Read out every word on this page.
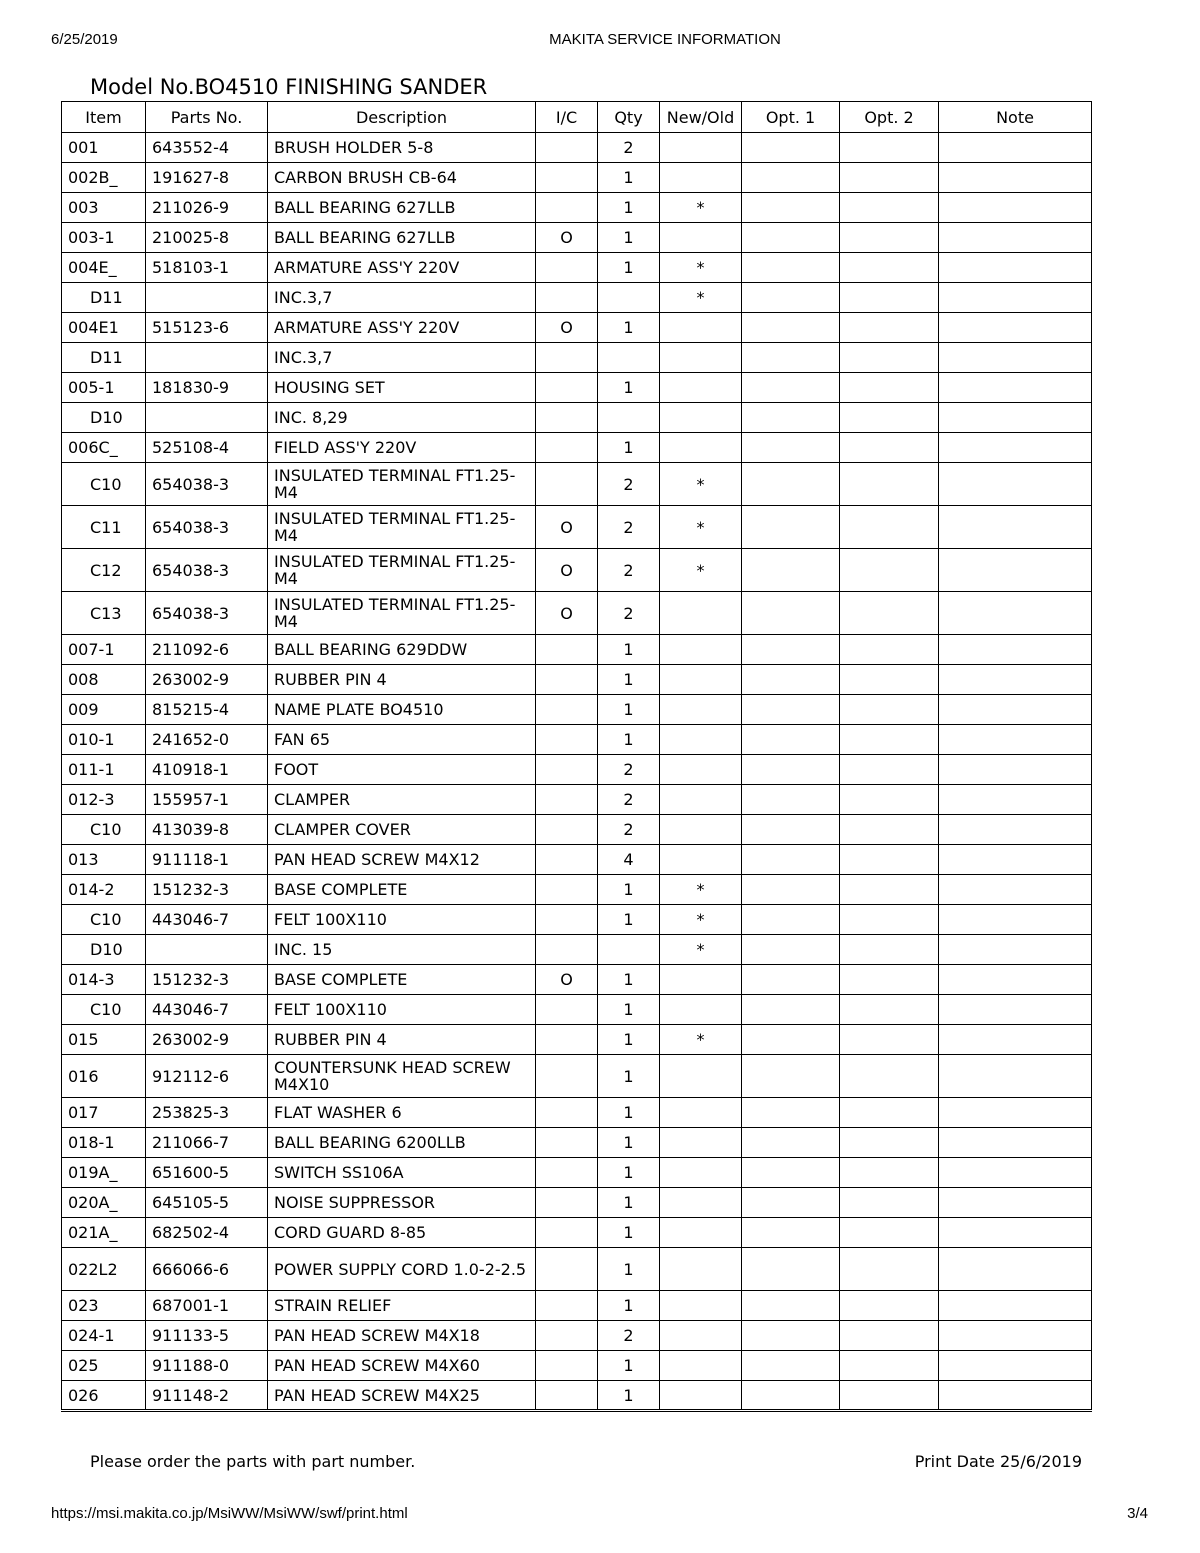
6/25/2019	MAKITA SERVICE INFORMATION
Model No.BO4510 FINISHING SANDER
Item	Parts No.	Description	I/C	Qty	New/Old	Opt. 1	Opt. 2	Note
001	643552-4	BRUSH HOLDER 5-8		2				
002B_	191627-8	CARBON BRUSH CB-64		1				
003	211026-9	BALL BEARING 627LLB		1	*			
003-1	210025-8	BALL BEARING 627LLB	O	1				
004E_	518103-1	ARMATURE ASS'Y 220V		1	*			
D11		INC.3,7			*			
004E1	515123-6	ARMATURE ASS'Y 220V	O	1				
D11		INC.3,7						
005-1	181830-9	HOUSING SET		1				
D10		INC. 8,29						
006C_	525108-4	FIELD ASS'Y 220V		1				
C10	654038-3	INSULATED TERMINAL FT1.25-M4		2	*			
C11	654038-3	INSULATED TERMINAL FT1.25-M4	O	2	*			
C12	654038-3	INSULATED TERMINAL FT1.25-M4	O	2	*			
C13	654038-3	INSULATED TERMINAL FT1.25-M4	O	2				
007-1	211092-6	BALL BEARING 629DDW		1				
008	263002-9	RUBBER PIN 4		1				
009	815215-4	NAME PLATE BO4510		1				
010-1	241652-0	FAN 65		1				
011-1	410918-1	FOOT		2				
012-3	155957-1	CLAMPER		2				
C10	413039-8	CLAMPER COVER		2				
013	911118-1	PAN HEAD SCREW M4X12		4				
014-2	151232-3	BASE COMPLETE		1	*			
C10	443046-7	FELT 100X110		1	*			
D10		INC. 15			*			
014-3	151232-3	BASE COMPLETE	O	1				
C10	443046-7	FELT 100X110		1				
015	263002-9	RUBBER PIN 4		1	*			
016	912112-6	COUNTERSUNK HEAD SCREW M4X10		1				
017	253825-3	FLAT WASHER 6		1				
018-1	211066-7	BALL BEARING 6200LLB		1				
019A_	651600-5	SWITCH SS106A		1				
020A_	645105-5	NOISE SUPPRESSOR		1				
021A_	682502-4	CORD GUARD 8-85		1				
022L2	666066-6	POWER SUPPLY CORD 1.0-2-2.5		1				
023	687001-1	STRAIN RELIEF		1				
024-1	911133-5	PAN HEAD SCREW M4X18		2				
025	911188-0	PAN HEAD SCREW M4X60		1				
026	911148-2	PAN HEAD SCREW M4X25		1				
Please order the parts with part number.	Print Date 25/6/2019
https://msi.makita.co.jp/MsiWW/MsiWW/swf/print.html	3/4
